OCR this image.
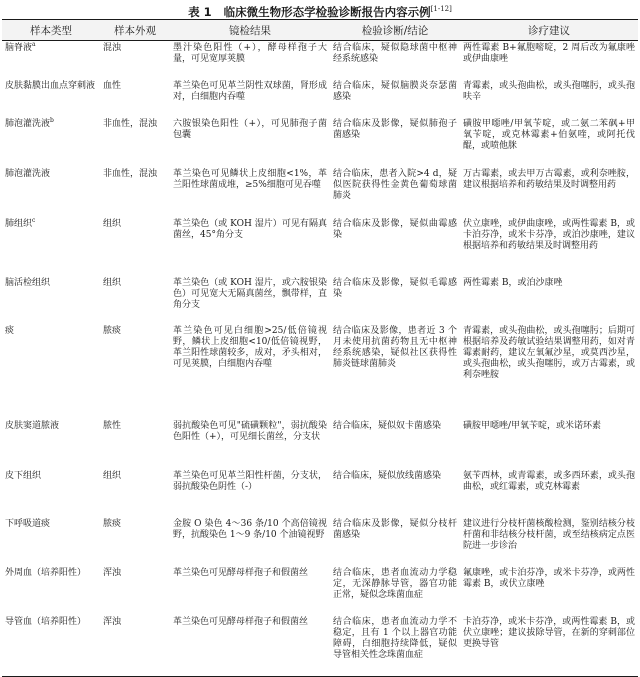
表 1 临床微生物形态学检验诊断报告内容示例[1-12]
样本类型	样本外观	镜检结果	检验诊断/结论	诊疗建议
脑脊液$^a$	混浊	墨汁染色阳性（+），酵母样孢子大量，可见宽厚荚膜	结合临床，疑似隐球菌中枢神经系统感染	两性霉素 B+氟胞嘧啶，2 周后改为氟康唑或伊曲康唑
皮肤黏膜出血点穿刺液	血性	革兰染色可见革兰阴性双球菌，肾形成对，白细胞内吞噬	结合临床，疑似脑膜炎奈瑟菌感染	青霉素，或头孢曲松，或头孢噻肟，或头孢呋辛
肺泡灌洗液$^b$	非血性，混浊	六胺银染色阳性（+），可见肺孢子菌包囊	结合临床及影像，疑似肺孢子菌感染	磺胺甲噁唑/甲氧苄啶，或二氨二苯砜+甲氧苄啶，或克林霉素+伯氨喹，或阿托伐醌，或喷他脒
肺泡灌洗液	非血性，混浊	革兰染色可见鳞状上皮细胞<1%，革兰阳性球菌成堆，≥5%细胞可见吞噬	结合临床，患者入院>4 d，疑似医院获得性金黄色葡萄球菌肺炎	万古霉素，或去甲万古霉素，或利奈唑胺，建议根据培养和药敏结果及时调整用药
肺组织$^c$	组织	革兰染色（或 KOH 湿片）可见有隔真菌丝，45°角分支	结合临床及影像，疑似曲霉感染	伏立康唑，或伊曲康唑，或两性霉素 B，或卡泊芬净，或米卡芬净，或泊沙康唑，建议根据培养和药敏结果及时调整用药
脑活检组织	组织	革兰染色（或 KOH 湿片，或六胺银染色）可见宽大无隔真菌丝，飘带样，直角分支	结合临床及影像，疑似毛霉感染	两性霉素 B，或泊沙康唑
痰	脓痰	革兰染色可见白细胞>25/低倍镜视野，鳞状上皮细胞<10/低倍镜视野，革兰阳性球菌较多，成对，矛头相对，可见荚膜，白细胞内吞噬	结合临床及影像，患者近 3 个月未使用抗菌药物且无中枢神经系统感染，疑似社区获得性肺炎链球菌肺炎	青霉素，或头孢曲松，或头孢噻肟；后期可根据培养及药敏试验结果调整用药，如对青霉素耐药，建议左氧氟沙星，或莫西沙星，或头孢曲松，或头孢噻肟，或万古霉素，或利奈唑胺
皮肤窦道脓液	脓性	弱抗酸染色可见"硫磺颗粒"，弱抗酸染色阳性（+），可见细长菌丝，分支状	结合临床，疑似奴卡菌感染	磺胺甲噁唑/甲氧苄啶，或米诺环素
皮下组织	组织	革兰染色可见革兰阳性杆菌，分支状，弱抗酸染色阴性（-）	结合临床，疑似放线菌感染	氨苄西林，或青霉素，或多西环素，或头孢曲松，或红霉素，或克林霉素
下呼吸道痰	脓痰	金胺 O 染色 4～36 条/10 个高倍镜视野，抗酸染色 1～9 条/10 个油镜视野	结合临床及影像，疑似分枝杆菌感染	建议进行分枝杆菌核酸检测，鉴别结核分枝杆菌和非结核分枝杆菌，或至结核病定点医院进一步诊治
外周血（培养阳性）	浑浊	革兰染色可见酵母样孢子和假菌丝	结合临床，患者血流动力学稳定，无深静脉导管，器官功能正常，疑似念珠菌血症	氟康唑，或卡泊芬净，或米卡芬净，或两性霉素 B，或伏立康唑
导管血（培养阳性）	浑浊	革兰染色可见酵母样孢子和假菌丝	结合临床，患者血流动力学不稳定，且有 1 个以上器官功能障碍，白细胞持续降低，疑似导管相关性念珠菌血症	卡泊芬净，或米卡芬净，或两性霉素 B，或伏立康唑；建议拔除导管，在新的穿刺部位更换导管
